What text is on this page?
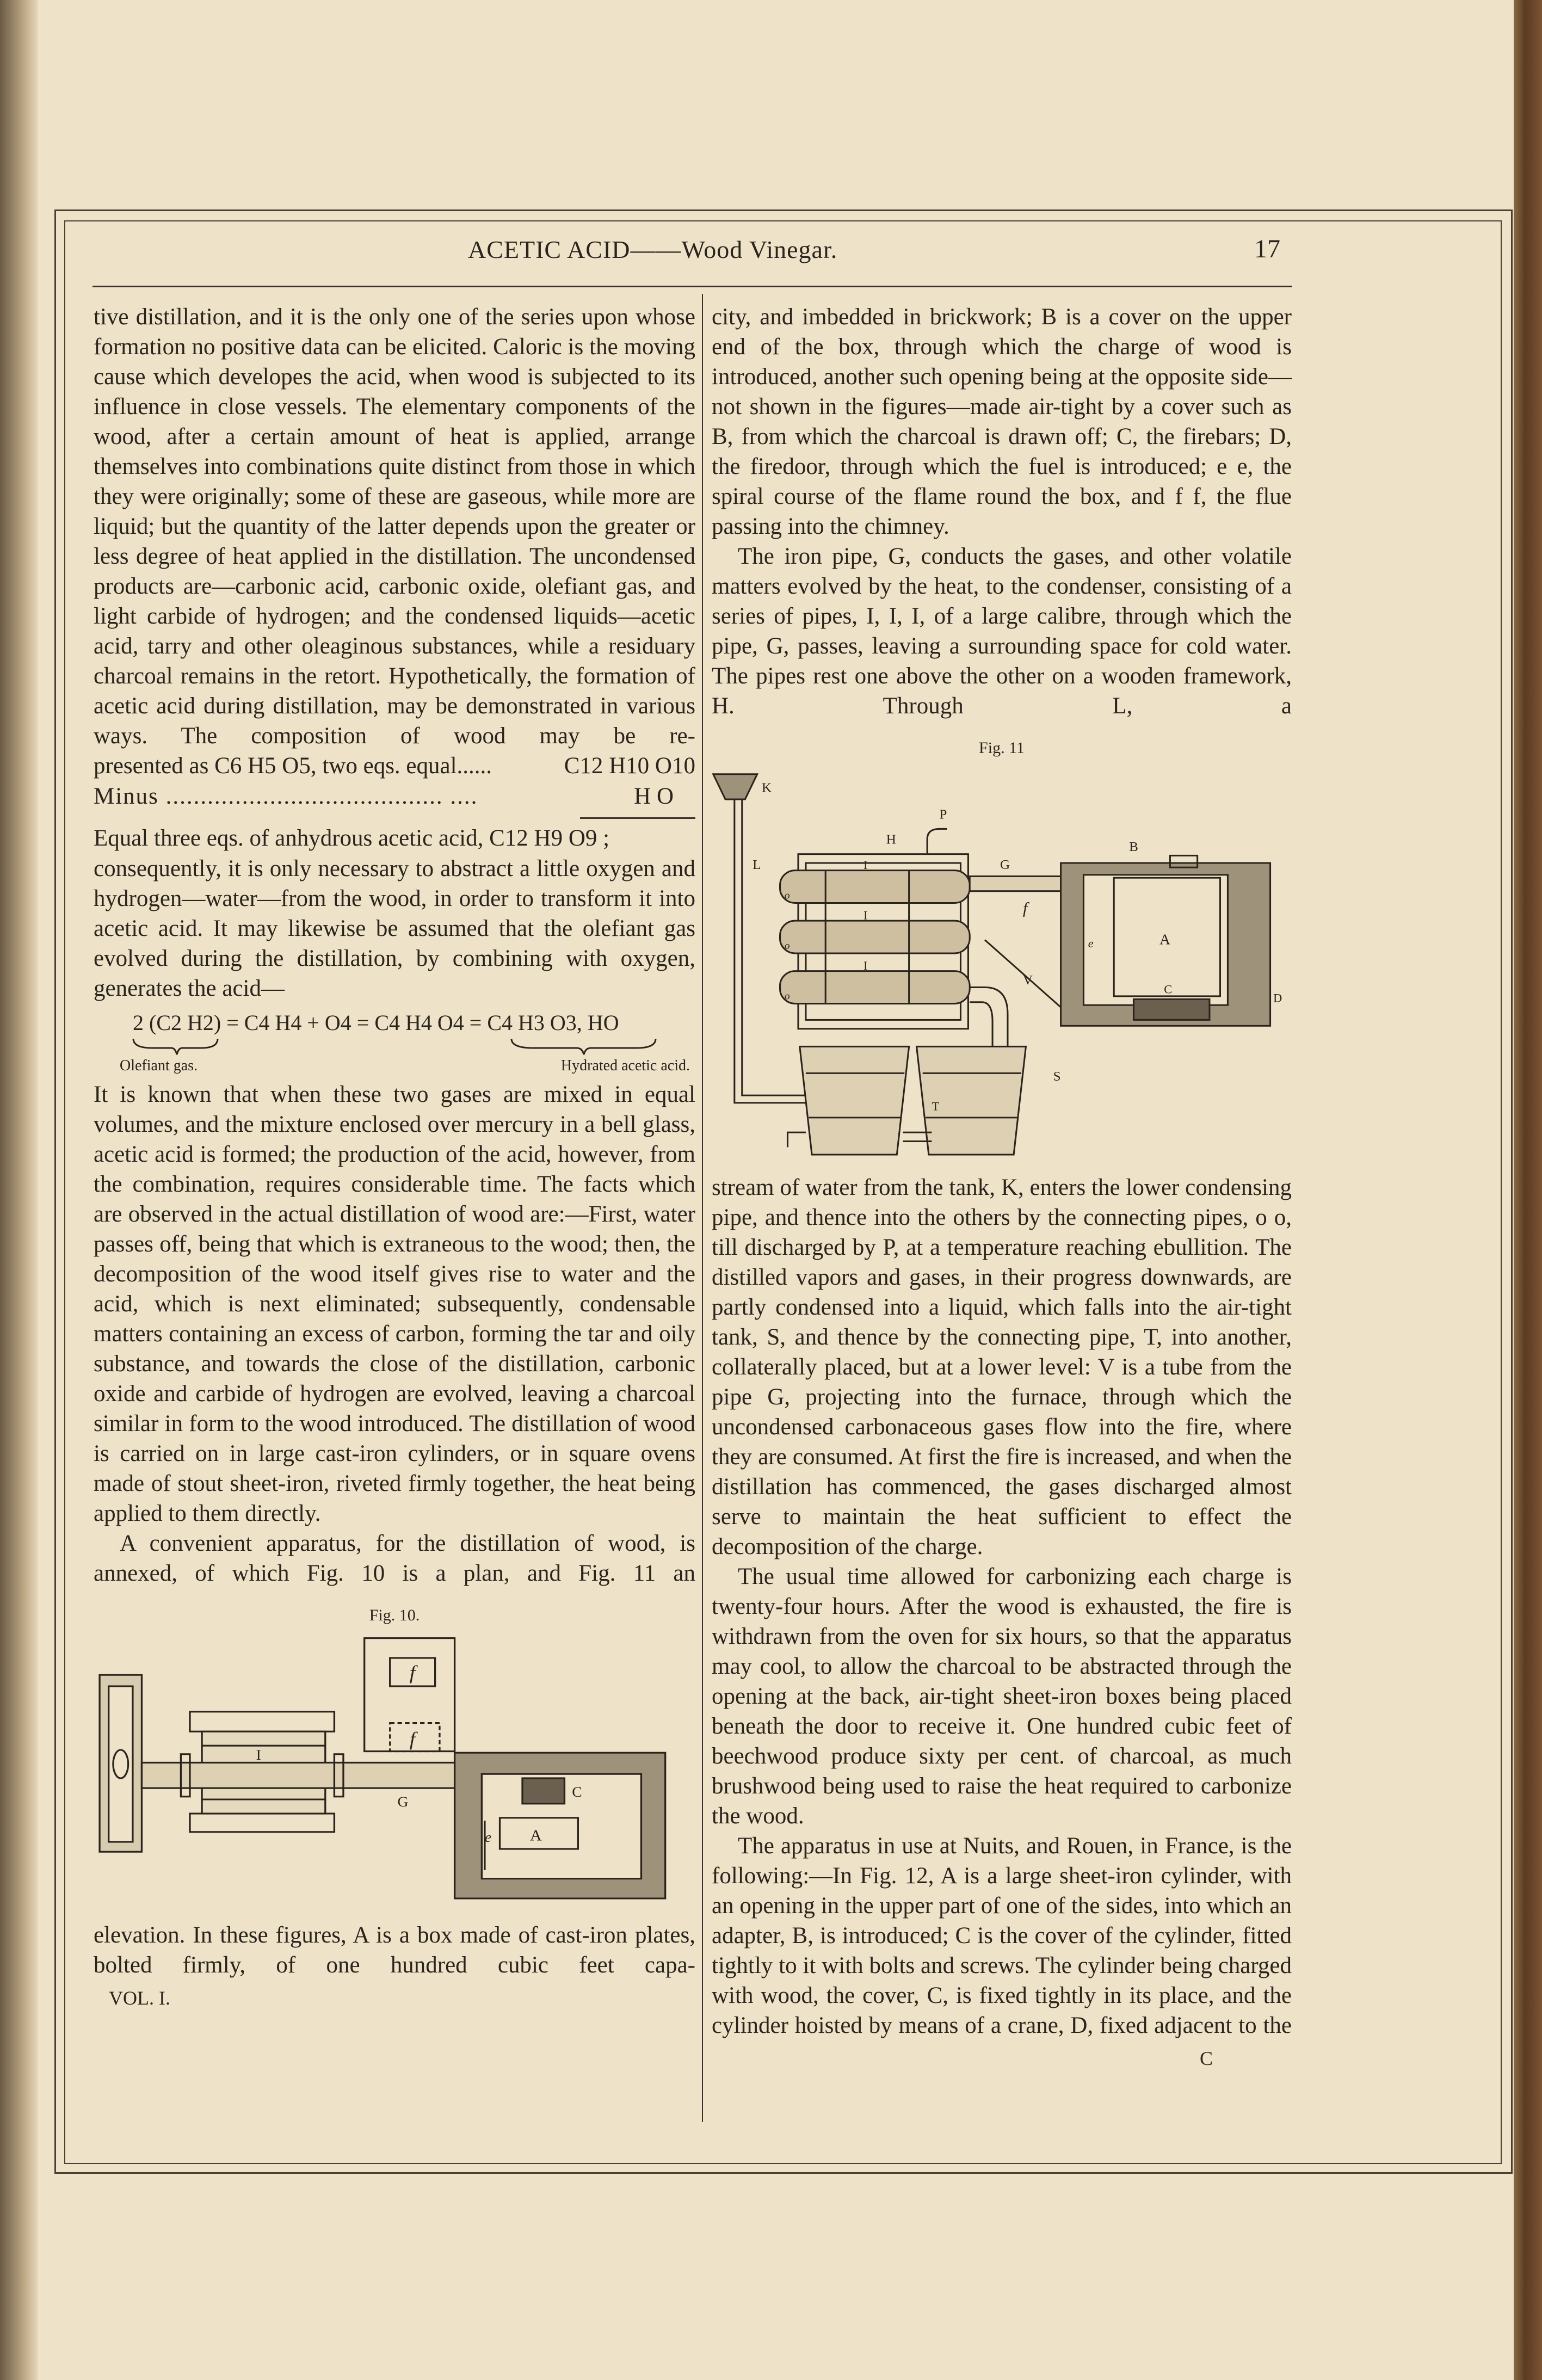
ACETIC ACID——Wood Vinegar.	17

tive distillation, and it is the only one of the series upon whose formation no positive data can be elicited. Caloric is the moving cause which developes the acid, when wood is subjected to its influence in close vessels. The elementary components of the wood, after a certain amount of heat is applied, arrange themselves into combinations quite distinct from those in which they were originally; some of these are gaseous, while more are liquid; but the quantity of the latter depends upon the greater or less degree of heat applied in the distillation. The uncondensed products are—carbonic acid, carbonic oxide, olefiant gas, and light carbide of hydrogen; and the condensed liquids—acetic acid, tarry and other oleaginous substances, while a residuary charcoal remains in the retort. Hypothetically, the formation of acetic acid during distillation, may be demonstrated in various ways. The composition of wood may be re-

presented as C6 H5 O5, two eqs. equal......	C12 H10 O10
Minus ........................................ ....	H O
Equal three eqs. of anhydrous acetic acid, C12 H9 O9 ;

consequently, it is only necessary to abstract a little oxygen and hydrogen—water—from the wood, in order to transform it into acetic acid. It may likewise be assumed that the olefiant gas evolved during the distillation, by combining with oxygen, generates the acid—

2 (C2 H2) = C4 H4 + O4 = C4 H4 O4 = C4 H3 O3, HO
Olefiant gas.	Hydrated acetic acid.

It is known that when these two gases are mixed in equal volumes, and the mixture enclosed over mercury in a bell glass, acetic acid is formed; the production of the acid, however, from the combination, requires considerable time. The facts which are observed in the actual distillation of wood are:—First, water passes off, being that which is extraneous to the wood; then, the decomposition of the wood itself gives rise to water and the acid, which is next eliminated; subsequently, condensable matters containing an excess of carbon, forming the tar and oily substance, and towards the close of the distillation, carbonic oxide and carbide of hydrogen are evolved, leaving a charcoal similar in form to the wood introduced. The distillation of wood is carried on in large cast-iron cylinders, or in square ovens made of stout sheet-iron, riveted firmly together, the heat being applied to them directly.

A convenient apparatus, for the distillation of wood, is annexed, of which Fig. 10 is a plan, and Fig. 11 an

Fig. 10.
f
f
C
I
G
e	A

elevation. In these figures, A is a box made of cast-iron plates, bolted firmly, of one hundred cubic feet capa-

VOL. I.

city, and imbedded in brickwork; B is a cover on the upper end of the box, through which the charge of wood is introduced, another such opening being at the opposite side—not shown in the figures—made air-tight by a cover such as B, from which the charcoal is drawn off; C, the firebars; D, the firedoor, through which the fuel is introduced; e e, the spiral course of the flame round the box, and f f, the flue passing into the chimney.

The iron pipe, G, conducts the gases, and other volatile matters evolved by the heat, to the condenser, consisting of a series of pipes, I, I, I, of a large calibre, through which the pipe, G, passes, leaving a surrounding space for cold water. The pipes rest one above the other on a wooden framework, H. Through L, a

Fig. 11
K
P
H
L	I
I
I
G
f
B
A
e
V
C
D
S
T
o
o
o

stream of water from the tank, K, enters the lower condensing pipe, and thence into the others by the connecting pipes, o o, till discharged by P, at a temperature reaching ebullition. The distilled vapors and gases, in their progress downwards, are partly condensed into a liquid, which falls into the air-tight tank, S, and thence by the connecting pipe, T, into another, collaterally placed, but at a lower level: V is a tube from the pipe G, projecting into the furnace, through which the uncondensed carbonaceous gases flow into the fire, where they are consumed. At first the fire is increased, and when the distillation has commenced, the gases discharged almost serve to maintain the heat sufficient to effect the decomposition of the charge.

The usual time allowed for carbonizing each charge is twenty-four hours. After the wood is exhausted, the fire is withdrawn from the oven for six hours, so that the apparatus may cool, to allow the charcoal to be abstracted through the opening at the back, air-tight sheet-iron boxes being placed beneath the door to receive it. One hundred cubic feet of beechwood produce sixty per cent. of charcoal, as much brushwood being used to raise the heat required to carbonize the wood.

The apparatus in use at Nuits, and Rouen, in France, is the following:—In Fig. 12, A is a large sheet-iron cylinder, with an opening in the upper part of one of the sides, into which an adapter, B, is introduced; C is the cover of the cylinder, fitted tightly to it with bolts and screws. The cylinder being charged with wood, the cover, C, is fixed tightly in its place, and the cylinder hoisted by means of a crane, D, fixed adjacent to the

C
